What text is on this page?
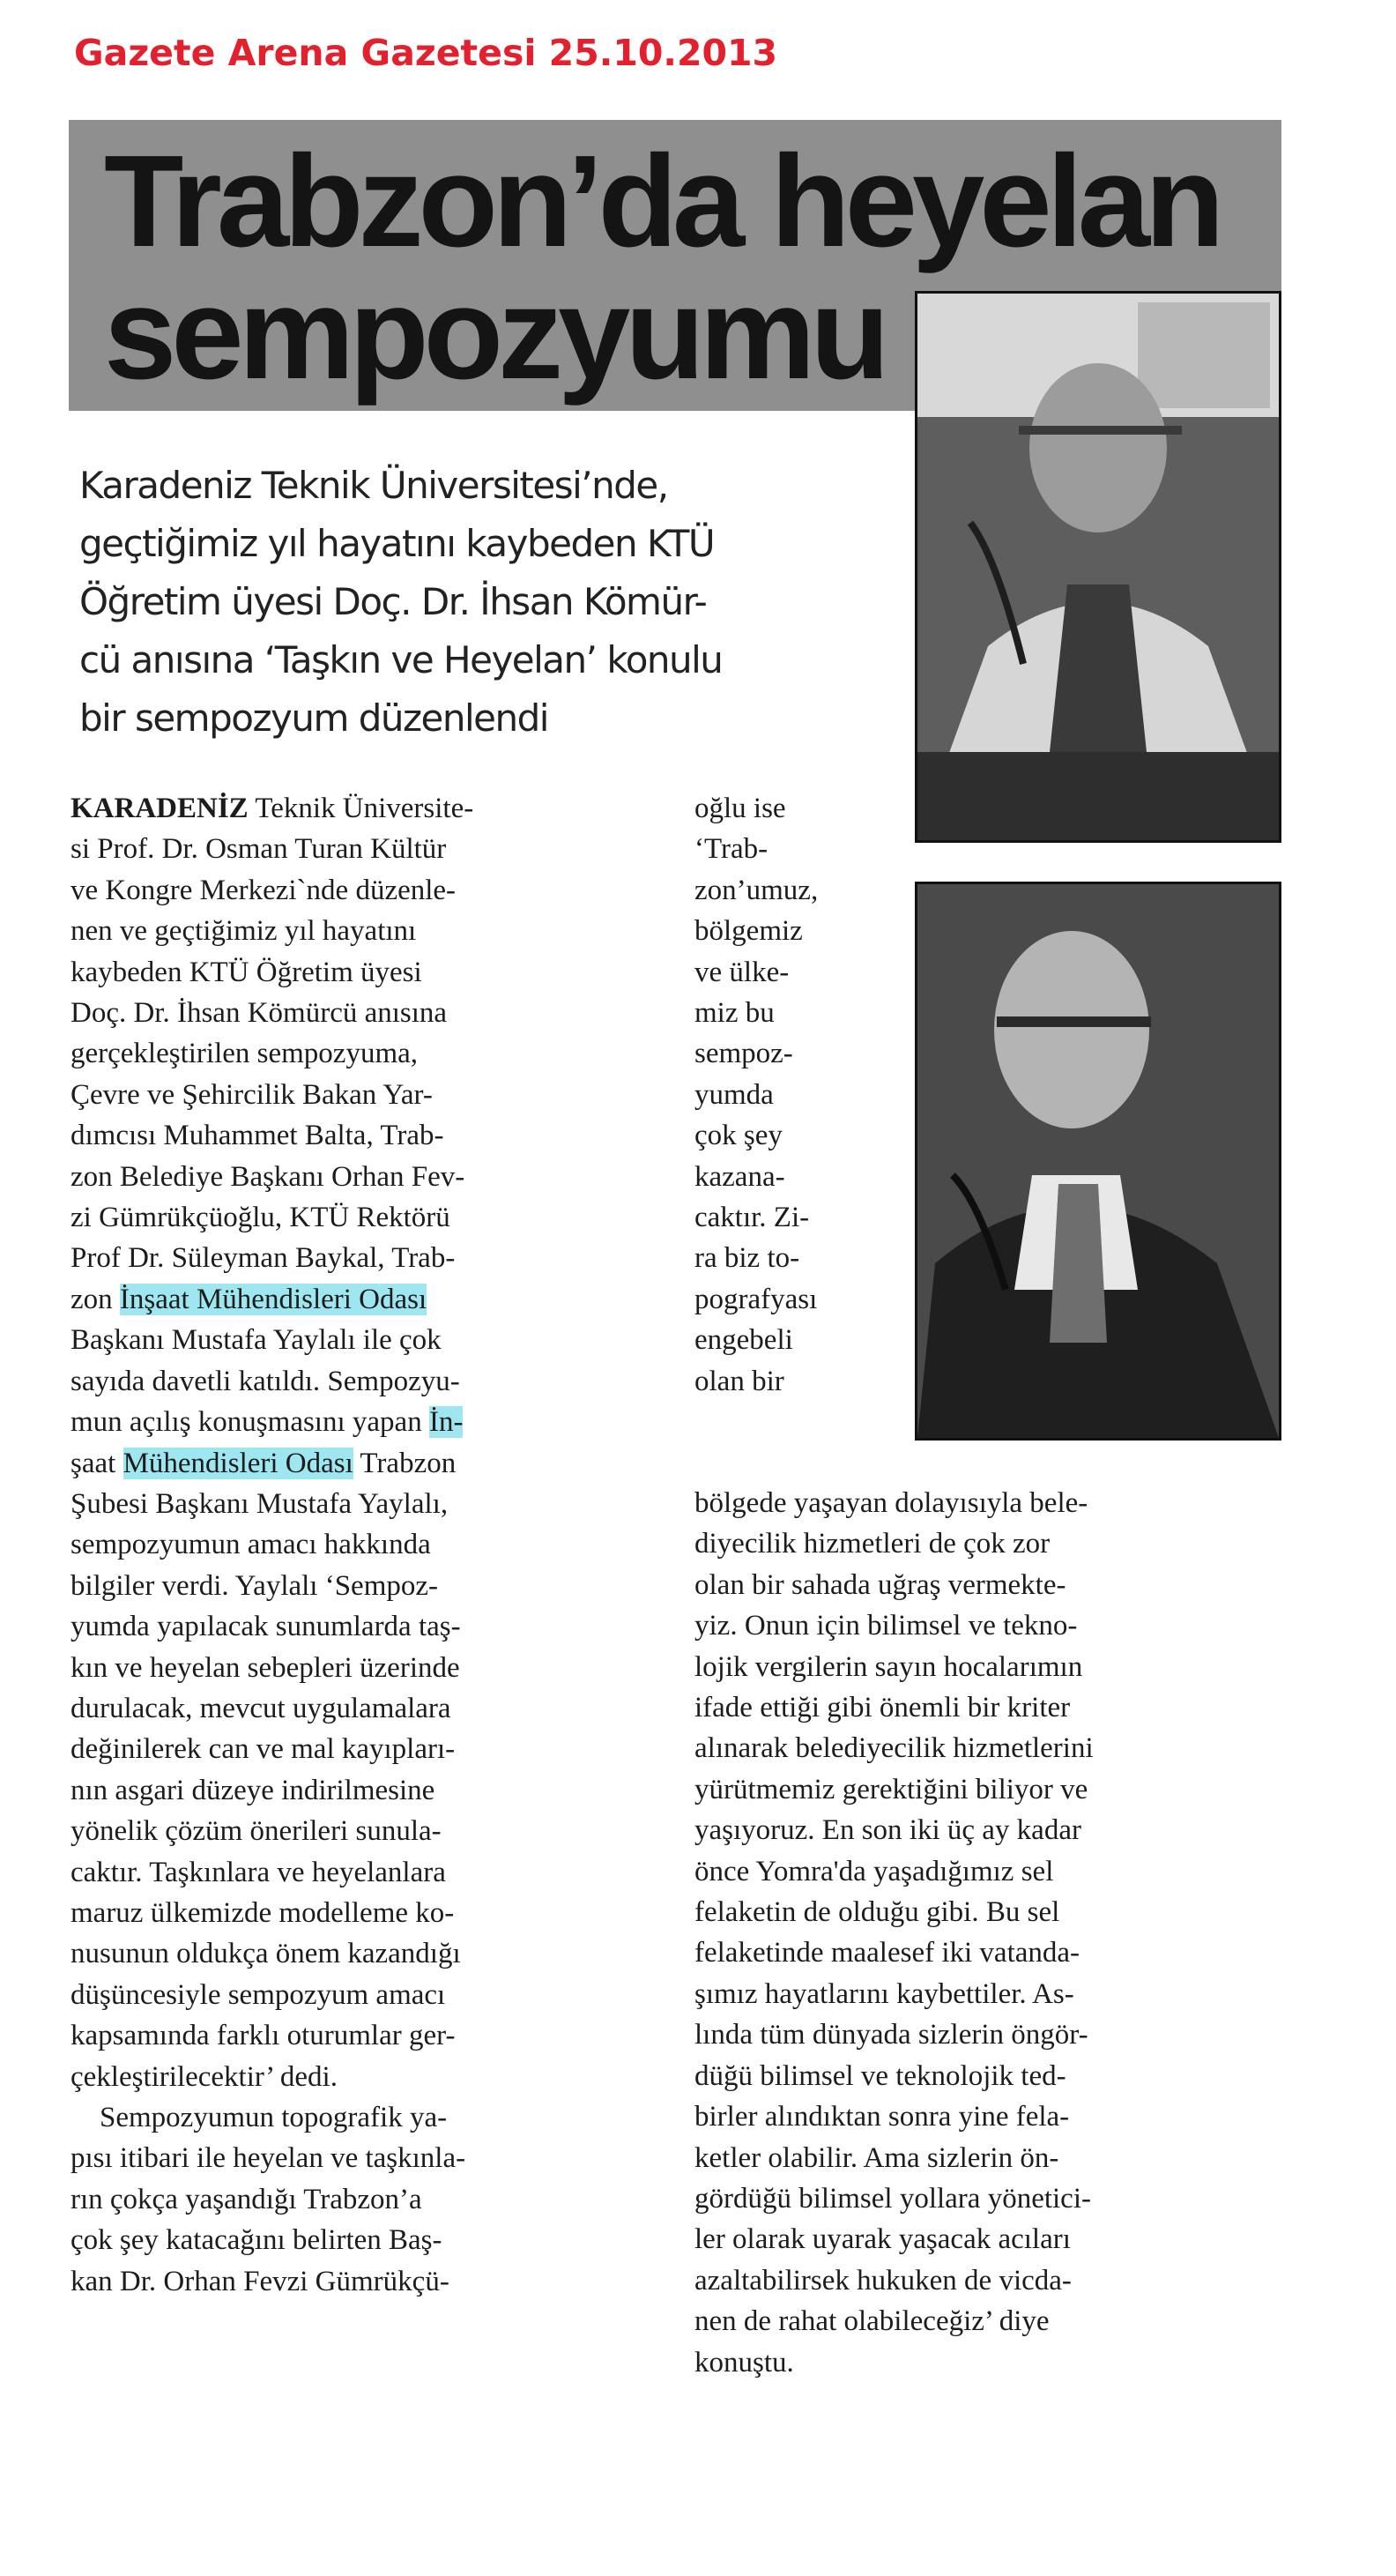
Gazete Arena Gazetesi 25.10.2013
Trabzon’da heyelan
sempozyumu
Karadeniz Teknik Üniversitesi’nde,
geçtiğimiz yıl hayatını kaybeden KTÜ
Öğretim üyesi Doç. Dr. İhsan Kömür-
cü anısına ‘Taşkın ve Heyelan’ konulu
bir sempozyum düzenlendi
KARADENİZ Teknik Üniversite-
si Prof. Dr. Osman Turan Kültür
ve Kongre Merkezi`nde düzenle-
nen ve geçtiğimiz yıl hayatını
kaybeden KTÜ Öğretim üyesi
Doç. Dr. İhsan Kömürcü anısına
gerçekleştirilen sempozyuma,
Çevre ve Şehircilik Bakan Yar-
dımcısı Muhammet Balta, Trab-
zon Belediye Başkanı Orhan Fev-
zi Gümrükçüoğlu, KTÜ Rektörü
Prof Dr. Süleyman Baykal, Trab-
zon İnşaat Mühendisleri Odası
Başkanı Mustafa Yaylalı ile çok
sayıda davetli katıldı. Sempozyu-
mun açılış konuşmasını yapan İn-
şaat Mühendisleri Odası Trabzon
Şubesi Başkanı Mustafa Yaylalı,
sempozyumun amacı hakkında
bilgiler verdi. Yaylalı ‘Sempoz-
yumda yapılacak sunumlarda taş-
kın ve heyelan sebepleri üzerinde
durulacak, mevcut uygulamalara
değinilerek can ve mal kayıpları-
nın asgari düzeye indirilmesine
yönelik çözüm önerileri sunula-
caktır. Taşkınlara ve heyelanlara
maruz ülkemizde modelleme ko-
nusunun oldukça önem kazandığı
düşüncesiyle sempozyum amacı
kapsamında farklı oturumlar ger-
çekleştirilecektir’ dedi.
Sempozyumun topografik ya-
pısı itibari ile heyelan ve taşkınla-
rın çokça yaşandığı Trabzon’a
çok şey katacağını belirten Baş-
kan Dr. Orhan Fevzi Gümrükçü-
oğlu ise
‘Trab-
zon’umuz,
bölgemiz
ve ülke-
miz bu
sempoz-
yumda
çok şey
kazana-
caktır. Zi-
ra biz to-
pografyası
engebeli
olan bir
bölgede yaşayan dolayısıyla bele-
diyecilik hizmetleri de çok zor
olan bir sahada uğraş vermekte-
yiz. Onun için bilimsel ve tekno-
lojik vergilerin sayın hocalarımın
ifade ettiği gibi önemli bir kriter
alınarak belediyecilik hizmetlerini
yürütmemiz gerektiğini biliyor ve
yaşıyoruz. En son iki üç ay kadar
önce Yomra'da yaşadığımız sel
felaketin de olduğu gibi. Bu sel
felaketinde maalesef iki vatanda-
şımız hayatlarını kaybettiler. As-
lında tüm dünyada sizlerin öngör-
düğü bilimsel ve teknolojik ted-
birler alındıktan sonra yine fela-
ketler olabilir. Ama sizlerin ön-
gördüğü bilimsel yollara yönetici-
ler olarak uyarak yaşacak acıları
azaltabilirsek hukuken de vicda-
nen de rahat olabileceğiz’ diye
konuştu.
